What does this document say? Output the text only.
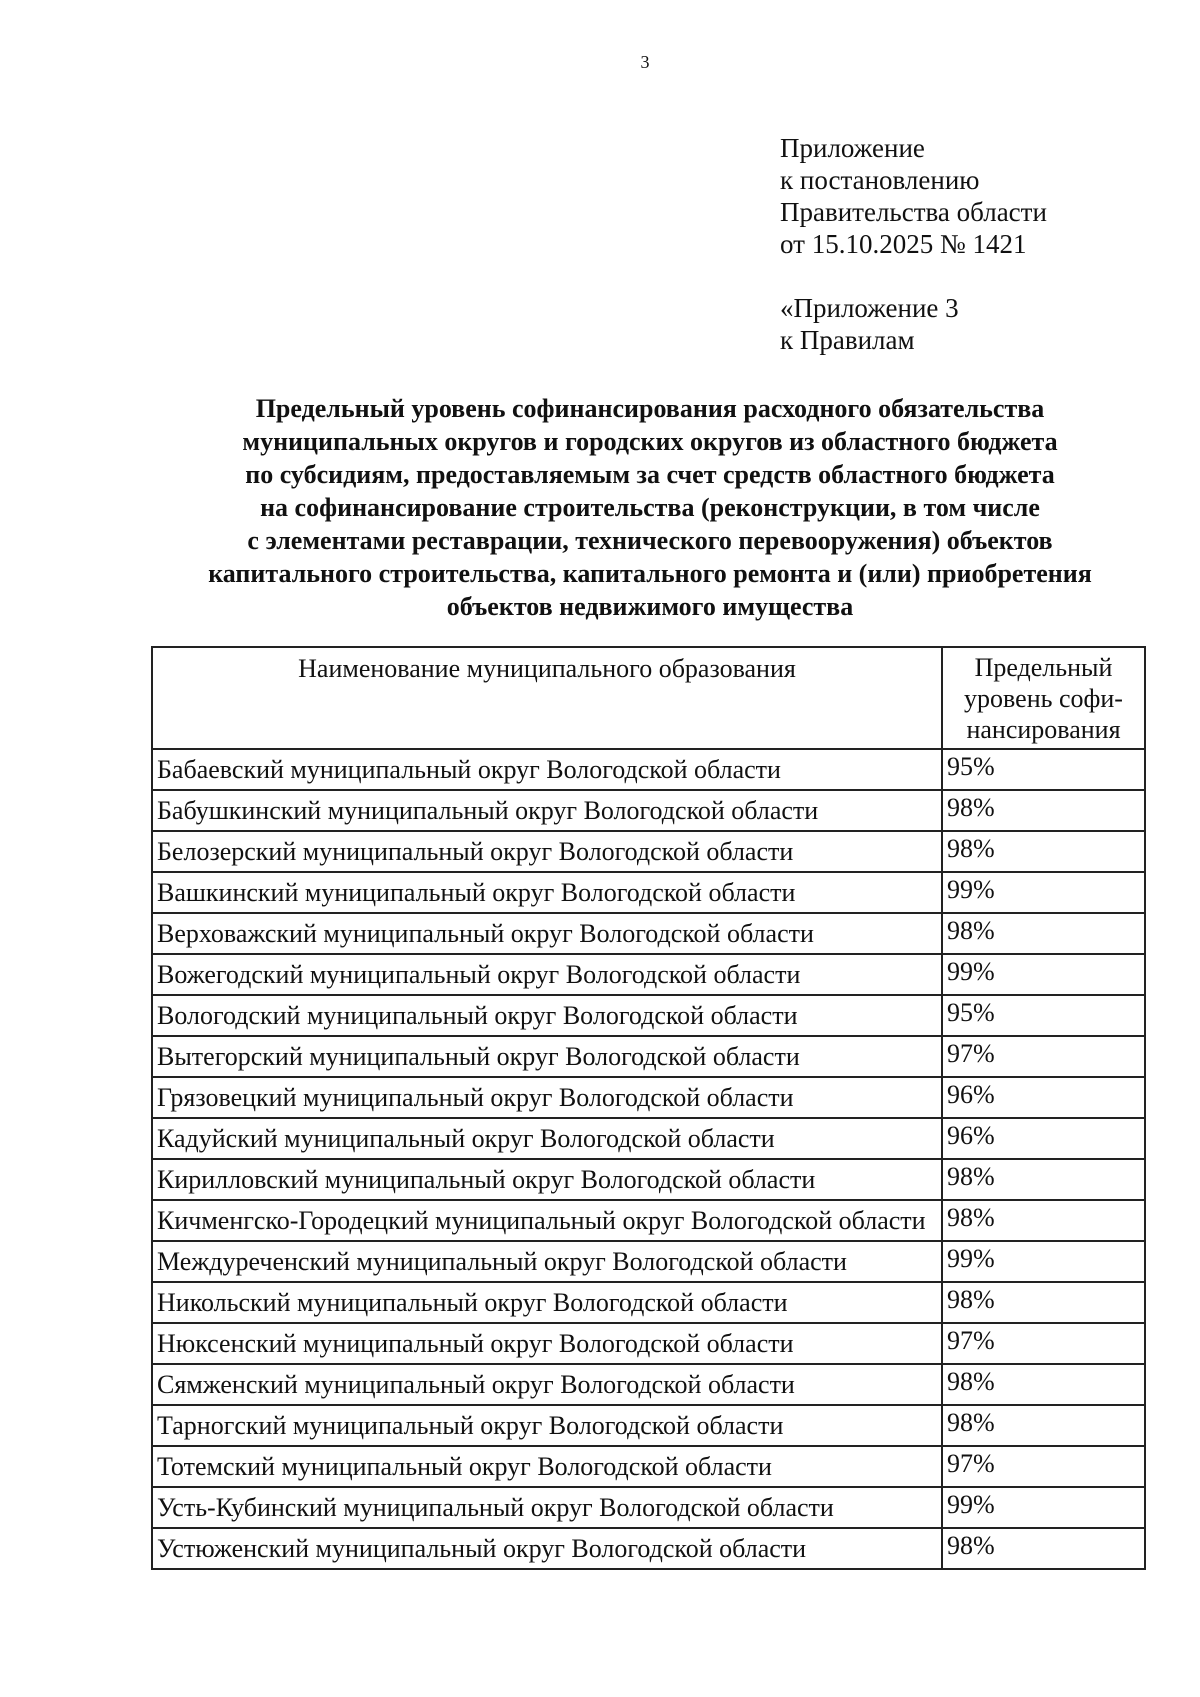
3
Приложение
к постановлению
Правительства области
от 15.10.2025 № 1421
«Приложение 3
к Правилам
Предельный уровень софинансирования расходного обязательства
муниципальных округов и городских округов из областного бюджета
по субсидиям, предоставляемым за счет средств областного бюджета
на софинансирование строительства (реконструкции, в том числе
с элементами реставрации, технического перевооружения) объектов
капитального строительства, капитального ремонта и (или) приобретения
объектов недвижимого имущества
Наименование муниципального образования	Предельный
уровень софи-
нансирования

Бабаевский муниципальный округ Вологодской области	95%
Бабушкинский муниципальный округ Вологодской области	98%
Белозерский муниципальный округ Вологодской области	98%
Вашкинский муниципальный округ Вологодской области	99%
Верховажский муниципальный округ Вологодской области	98%
Вожегодский муниципальный округ Вологодской области	99%
Вологодский муниципальный округ Вологодской области	95%
Вытегорский муниципальный округ Вологодской области	97%
Грязовецкий муниципальный округ Вологодской области	96%
Кадуйский муниципальный округ Вологодской области	96%
Кирилловский муниципальный округ Вологодской области	98%
Кичменгско-Городецкий муниципальный округ Вологодской области	98%
Междуреченский муниципальный округ Вологодской области	99%
Никольский муниципальный округ Вологодской области	98%
Нюксенский муниципальный округ Вологодской области	97%
Сямженский муниципальный округ Вологодской области	98%
Тарногский муниципальный округ Вологодской области	98%
Тотемский муниципальный округ Вологодской области	97%
Усть-Кубинский муниципальный округ Вологодской области	99%
Устюженский муниципальный округ Вологодской области	98%
